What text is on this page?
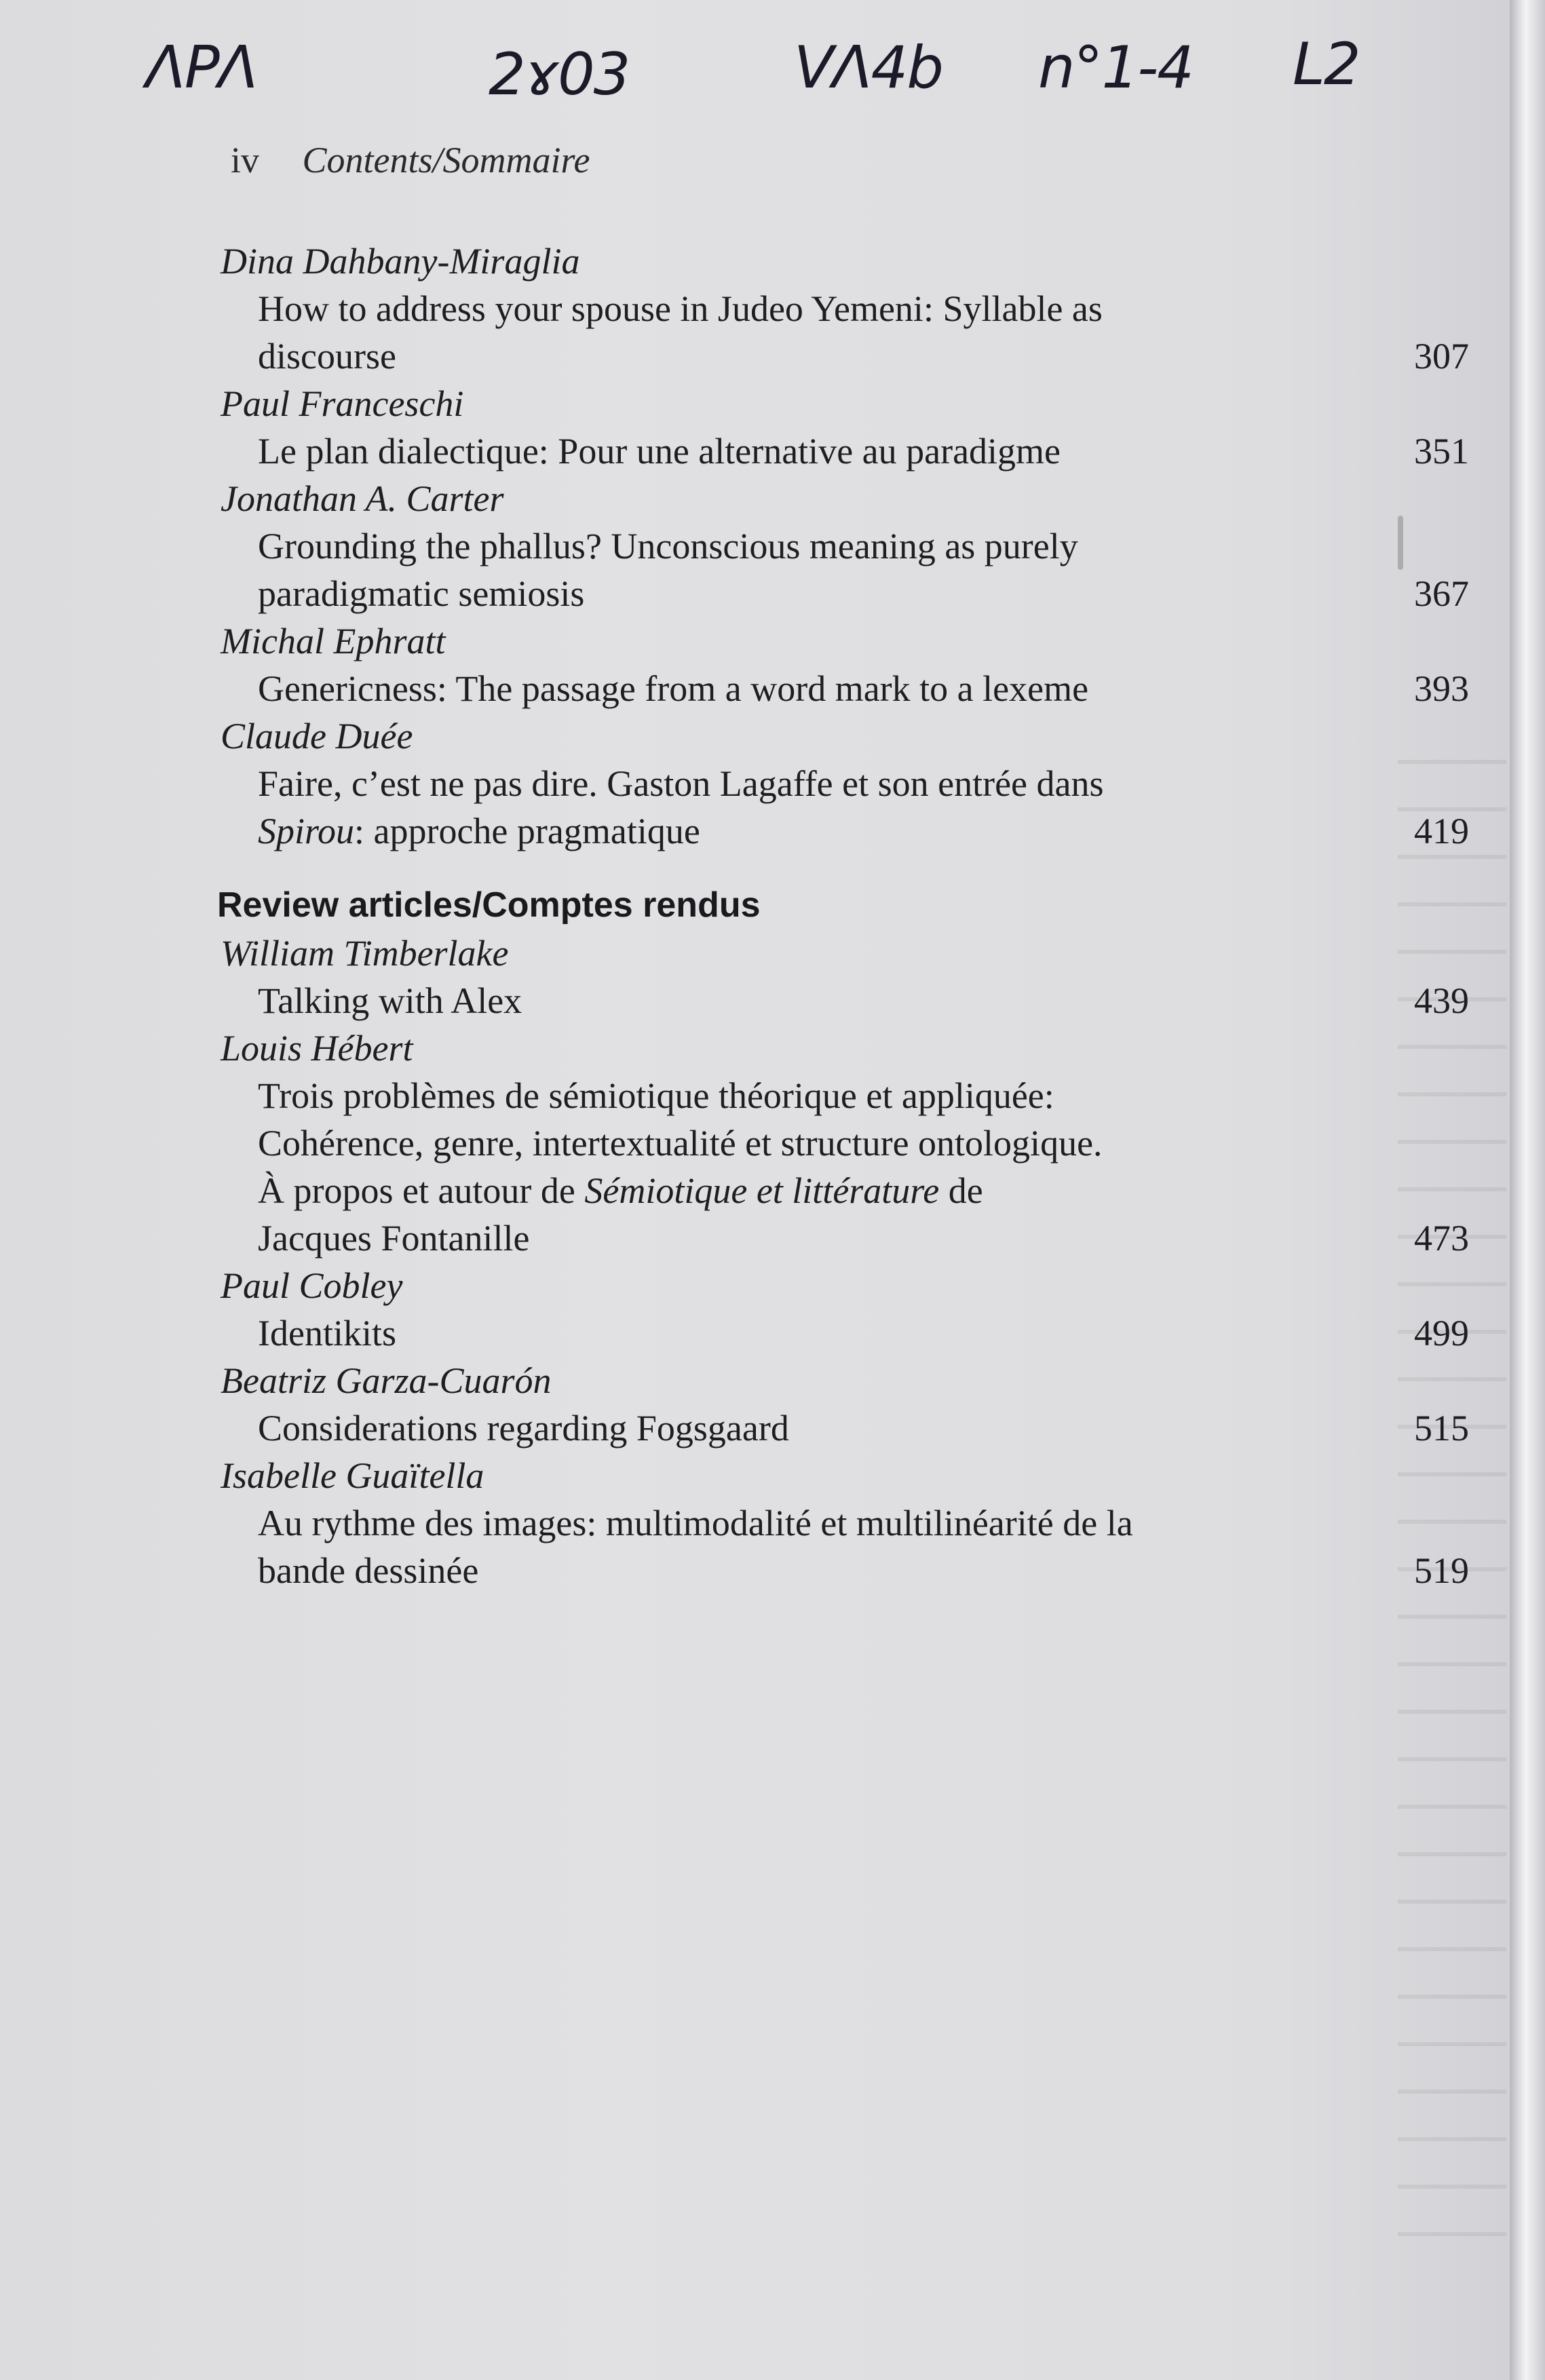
ΛΡΛ	2ɤ03	VΛ4b n°1-4 L2
iv Contents/Sommaire
Dina Dahbany-Miraglia
How to address your spouse in Judeo Yemeni: Syllable as
discourse	307
Paul Franceschi
Le plan dialectique: Pour une alternative au paradigme	351
Jonathan A. Carter
Grounding the phallus? Unconscious meaning as purely
paradigmatic semiosis	367
Michal Ephratt
Genericness: The passage from a word mark to a lexeme	393
Claude Duée
Faire, c’est ne pas dire. Gaston Lagaffe et son entrée dans
Spirou: approche pragmatique	419
Review articles/Comptes rendus
William Timberlake
Talking with Alex	439
Louis Hébert
Trois problèmes de sémiotique théorique et appliquée:
Cohérence, genre, intertextualité et structure ontologique.
À propos et autour de Sémiotique et littérature de
Jacques Fontanille	473
Paul Cobley
Identikits	499
Beatriz Garza-Cuarón
Considerations regarding Fogsgaard	515
Isabelle Guaïtella
Au rythme des images: multimodalité et multilinéarité de la
bande dessinée	519
